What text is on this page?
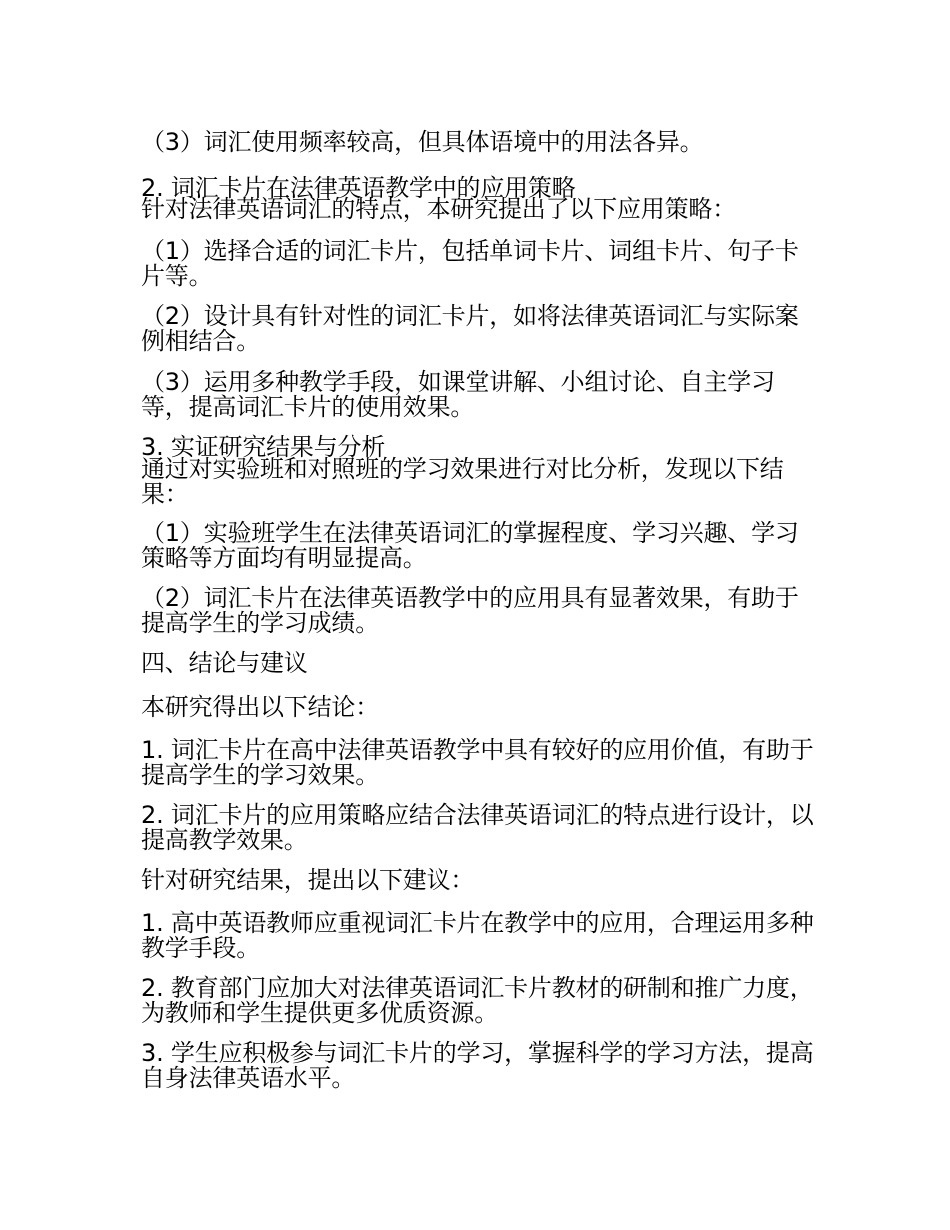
（3）词汇使用频率较高，但具体语境中的用法各异。
2. 词汇卡片在法律英语教学中的应用策略
针对法律英语词汇的特点，本研究提出了以下应用策略：
（1）选择合适的词汇卡片，包括单词卡片、词组卡片、句子卡片等。
（2）设计具有针对性的词汇卡片，如将法律英语词汇与实际案例相结合。
（3）运用多种教学手段，如课堂讲解、小组讨论、自主学习等，提高词汇卡片的使用效果。
3. 实证研究结果与分析
通过对实验班和对照班的学习效果进行对比分析，发现以下结果：
（1）实验班学生在法律英语词汇的掌握程度、学习兴趣、学习策略等方面均有明显提高。
（2）词汇卡片在法律英语教学中的应用具有显著效果，有助于提高学生的学习成绩。
四、结论与建议
本研究得出以下结论：
1. 词汇卡片在高中法律英语教学中具有较好的应用价值，有助于提高学生的学习效果。
2. 词汇卡片的应用策略应结合法律英语词汇的特点进行设计，以提高教学效果。
针对研究结果，提出以下建议：
1. 高中英语教师应重视词汇卡片在教学中的应用，合理运用多种教学手段。
2. 教育部门应加大对法律英语词汇卡片教材的研制和推广力度，为教师和学生提供更多优质资源。
3. 学生应积极参与词汇卡片的学习，掌握科学的学习方法，提高自身法律英语水平。
